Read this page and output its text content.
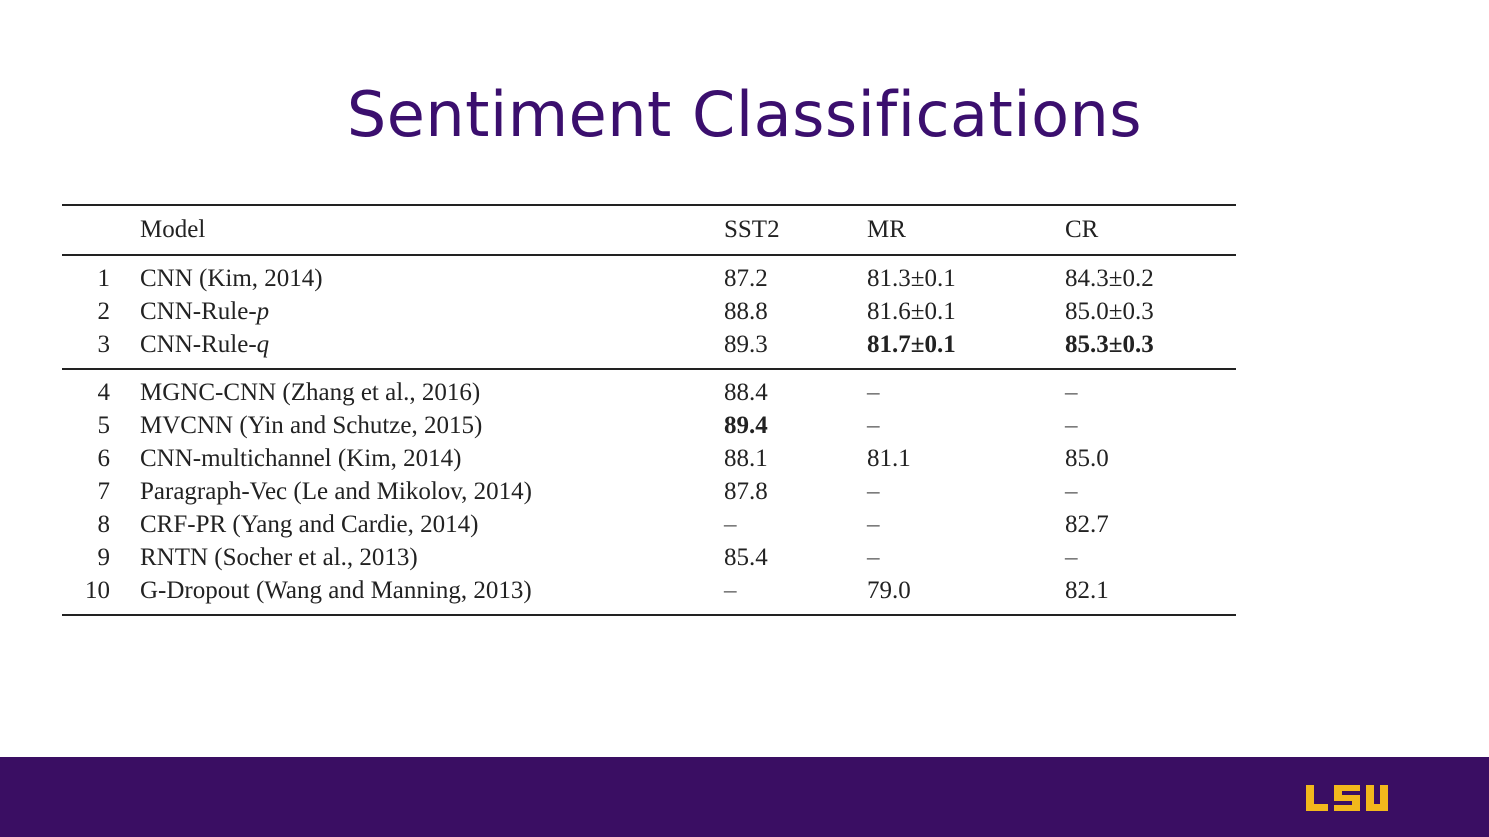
Sentiment Classifications
	Model	SST2	MR	CR
1	CNN (Kim, 2014)	87.2	81.3±0.1	84.3±0.2
2	CNN-Rule-p	88.8	81.6±0.1	85.0±0.3
3	CNN-Rule-q	89.3	81.7±0.1	85.3±0.3
4	MGNC-CNN (Zhang et al., 2016)	88.4	–	–
5	MVCNN (Yin and Schutze, 2015)	89.4	–	–
6	CNN-multichannel (Kim, 2014)	88.1	81.1	85.0
7	Paragraph-Vec (Le and Mikolov, 2014)	87.8	–	–
8	CRF-PR (Yang and Cardie, 2014)	–	–	82.7
9	RNTN (Socher et al., 2013)	85.4	–	–
10	G-Dropout (Wang and Manning, 2013)	–	79.0	82.1
